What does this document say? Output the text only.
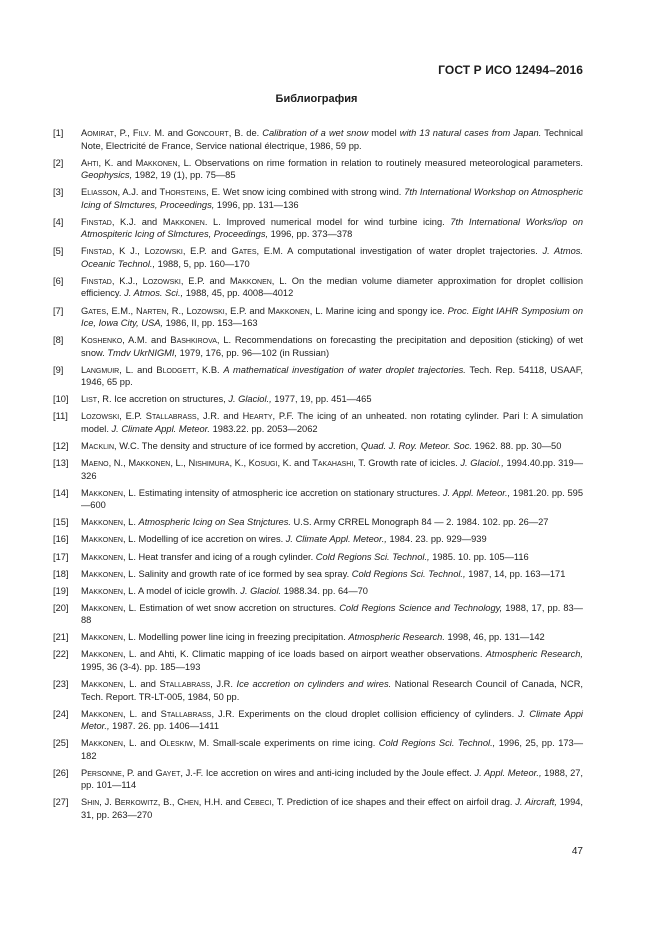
ГОСТ Р ИСО 12494–2016
Библиография
[1]	Aomirat, P., Filv. M. and Goncourt, B. de. Calibration of a wet snow model with 13 natural cases from Japan. Technical Note, Electricité de France, Service national électrique, 1986, 59 pp.
[2]	Ahti, K. and Makkonen, L. Observations on rime formation in relation to routinely measured meteorological parameters. Geophysics, 1982, 19 (1), pp. 75—85
[3]	Eliasson, A.J. and Thorsteins, E. Wet snow icing combined with strong wind. 7th International Workshop on Atmospheric Icing of Slmctures, Proceedings, 1996, pp. 131—136
[4]	Finstad, K.J. and Makkonen. L. Improved numerical model for wind turbine icing. 7th International Works/iop on Atmospiteric Icing of Slmctures, Proceedings, 1996, pp. 373—378
[5]	Finstad, K J., Lozowski, E.P. and Gates, E.M. A computational investigation of water droplet trajectories. J. Atmos. Oceanic Technol., 1988, 5, pp. 160—170
[6]	Finstad, K.J., Lozowski, E.P. and Makkonen, L. On the median volume diameter approximation for droplet collision efficiency. J. Atmos. Sci., 1988, 45, pp. 4008—4012
[7]	Gates, E.M., Narten, R., Lozowski, E.P. and Makkonen, L. Marine icing and spongy ice. Proc. Eight IAHR Symposium on Ice, Iowa City, USA, 1986, II, pp. 153—163
[8]	Koshenko, A.M. and Bashkirova, L. Recommendations on forecasting the precipitation and deposition (sticking) of wet snow. Tmdv UkrNIGMI, 1979, 176, pp. 96—102 (in Russian)
[9]	Langmuir, L. and Blodgett, K.B. A mathematical investigation of water droplet trajectories. Tech. Rep. 54118, USAAF, 1946, 65 pp.
[10]	List, R. Ice accretion on structures, J. Glaciol., 1977, 19, pp. 451—465
[11]	Lozowski, E.P. Stallabrass, J.R. and Hearty, P.F. The icing of an unheated. non rotating cylinder. Pari I: A simulation model. J. Climate Appl. Meteor. 1983.22. pp. 2053—2062
[12]	Macklin, W.C. The density and structure of ice formed by accretion, Quad. J. Roy. Meteor. Soc. 1962. 88. pp. 30—50
[13]	Maeno, N., Makkonen, L., Nishimura, K., Kosugi, K. and Takahashi, T. Growth rate of icicles. J. Glaciol., 1994.40.pp. 319—326
[14]	Makkonen, L. Estimating intensity of atmospheric ice accretion on stationary structures. J. Appl. Meteor., 1981.20. pp. 595—600
[15]	Makkonen, L. Atmospheric Icing on Sea Stnjctures. U.S. Army CRREL Monograph 84 — 2. 1984. 102. pp. 26—27
[16]	Makkonen, L. Modelling of ice accretion on wires. J. Climate Appl. Meteor., 1984. 23. pp. 929—939
[17]	Makkonen, L. Heat transfer and icing of a rough cylinder. Cold Regions Sci. Technol., 1985. 10. pp. 105—116
[18]	Makkonen, L. Salinity and growth rate of ice formed by sea spray. Cold Regions Sci. Technol., 1987, 14, pp. 163—171
[19]	Makkonen, L. A model of icicle growlh. J. Glaciol. 1988.34. pp. 64—70
[20]	Makkonen, L. Estimation of wet snow accretion on structures. Cold Regions Science and Technology, 1988, 17, pp. 83—88
[21]	Makkonen, L. Modelling power line icing in freezing precipitation. Atmospheric Research. 1998, 46, pp. 131—142
[22]	Makkonen, L. and Ahti, K. Climatic mapping of ice loads based on airport weather observations. Atmospheric Research, 1995, 36 (3-4). pp. 185—193
[23]	Makkonen, L. and Stallabrass, J.R. Ice accretion on cylinders and wires. National Research Council of Canada, NCR, Tech. Report. TR-LT-005, 1984, 50 pp.
[24]	Makkonen, L. and Stallabrass, J.R. Experiments on the cloud droplet collision efficiency of cylinders. J. Climate Appi Metor., 1987. 26. pp. 1406—1411
[25]	Makkonen, L. and Oleskiw, M. Small-scale experiments on rime icing. Cold Regions Sci. Technol., 1996, 25, pp. 173—182
[26]	Personne, P. and Gayet, J.-F. Ice accretion on wires and anti-icing included by the Joule effect. J. Appl. Meteor., 1988, 27, pp. 101—114
[27]	Shin, J. Berkowitz, B., Chen, H.H. and Cebeci, T. Prediction of ice shapes and their effect on airfoil drag. J. Aircraft, 1994, 31, pp. 263—270
47
